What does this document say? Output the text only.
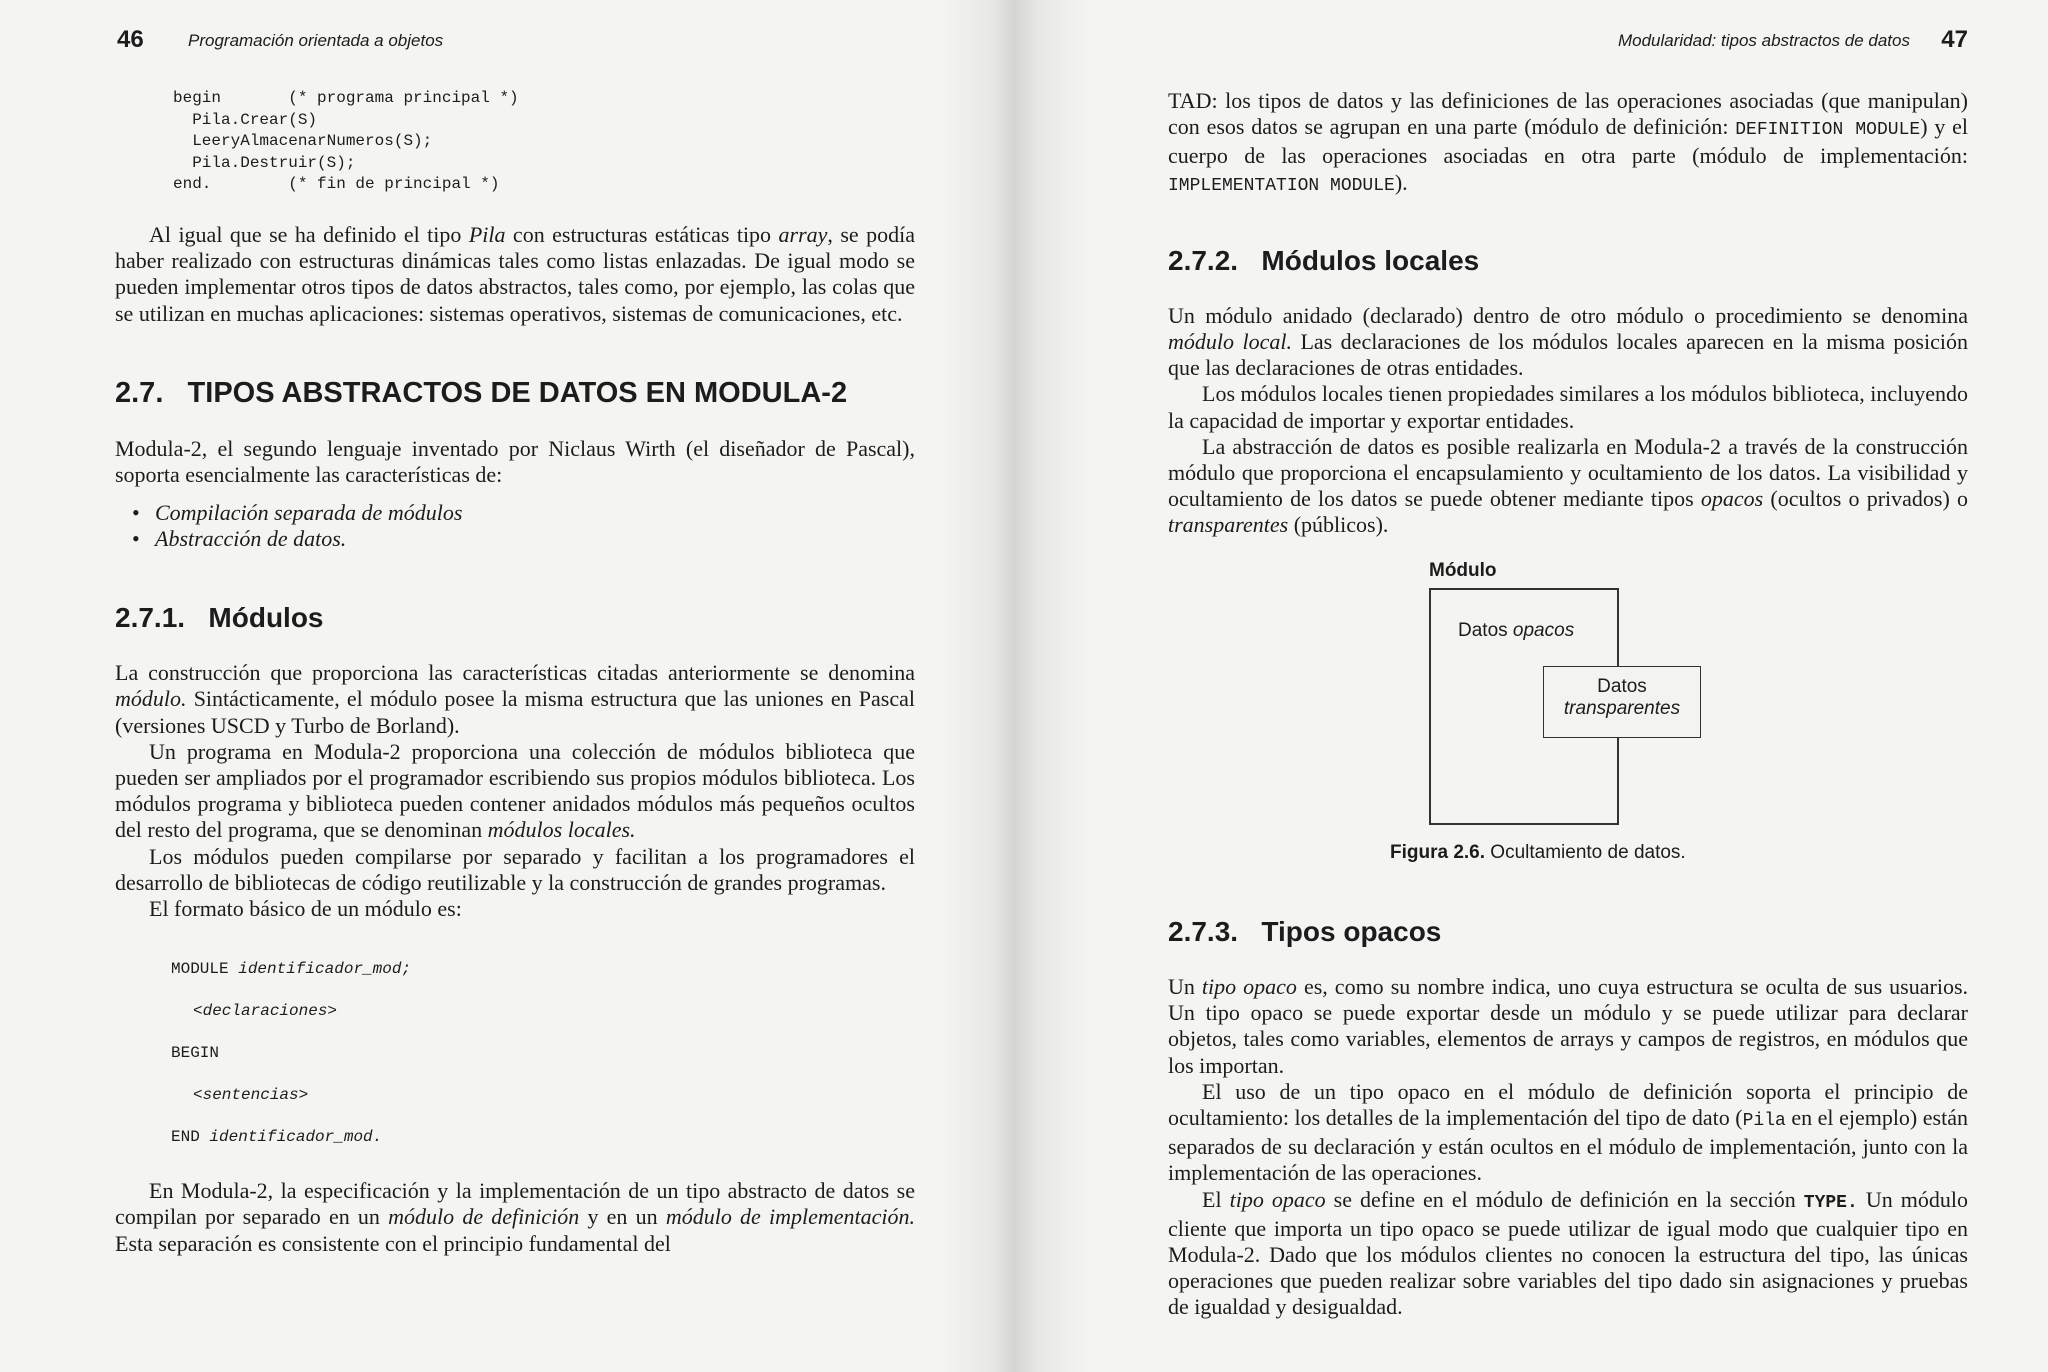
46	Programación orientada a objetos
begin       (* programa principal *)
Pila.Crear(S)
LeeryAlmacenarNumeros(S);
Pila.Destruir(S);
end.        (* fin de principal *)

Al igual que se ha definido el tipo Pila con estructuras estáticas tipo array, se podía haber realizado con estructuras dinámicas tales como listas enlazadas. De igual modo se pueden implementar otros tipos de datos abstractos, tales como, por ejemplo, las colas que se utilizan en muchas aplicaciones: sistemas operativos, sistemas de comunicaciones, etc.

2.7. TIPOS ABSTRACTOS DE DATOS EN MODULA-2

Modula-2, el segundo lenguaje inventado por Niclaus Wirth (el diseñador de Pascal), soporta esencialmente las características de:

• Compilación separada de módulos
• Abstracción de datos.
2.7.1. Módulos

La construcción que proporciona las características citadas anteriormente se denomina módulo. Sintácticamente, el módulo posee la misma estructura que las uniones en Pascal (versiones USCD y Turbo de Borland).

Un programa en Modula-2 proporciona una colección de módulos biblioteca que pueden ser ampliados por el programador escribiendo sus propios módulos biblioteca. Los módulos programa y biblioteca pueden contener anidados módulos más pequeños ocultos del resto del programa, que se denominan módulos locales.

Los módulos pueden compilarse por separado y facilitan a los programadores el desarrollo de bibliotecas de código reutilizable y la construcción de grandes programas.

El formato básico de un módulo es:

MODULE identificador_mod;
<declaraciones>
BEGIN
<sentencias>
END identificador_mod.

En Modula-2, la especificación y la implementación de un tipo abstracto de datos se compilan por separado en un módulo de definición y en un módulo de implementación. Esta separación es consistente con el principio fundamental del

Modularidad: tipos abstractos de datos 47

TAD: los tipos de datos y las definiciones de las operaciones asociadas (que manipulan) con esos datos se agrupan en una parte (módulo de definición: DEFINITION MODULE) y el cuerpo de las operaciones asociadas en otra parte (módulo de implementación: IMPLEMENTATION MODULE).

2.7.2. Módulos locales

Un módulo anidado (declarado) dentro de otro módulo o procedimiento se denomina módulo local. Las declaraciones de los módulos locales aparecen en la misma posición que las declaraciones de otras entidades.

Los módulos locales tienen propiedades similares a los módulos biblioteca, incluyendo la capacidad de importar y exportar entidades.

La abstracción de datos es posible realizarla en Modula-2 a través de la construcción módulo que proporciona el encapsulamiento y ocultamiento de los datos. La visibilidad y ocultamiento de los datos se puede obtener mediante tipos opacos (ocultos o privados) o transparentes (públicos).

Módulo
Datos opacos
Datos
transparentes
Figura 2.6. Ocultamiento de datos.
2.7.3. Tipos opacos

Un tipo opaco es, como su nombre indica, uno cuya estructura se oculta de sus usuarios. Un tipo opaco se puede exportar desde un módulo y se puede utilizar para declarar objetos, tales como variables, elementos de arrays y campos de registros, en módulos que los importan.

El uso de un tipo opaco en el módulo de definición soporta el principio de ocultamiento: los detalles de la implementación del tipo de dato (Pila en el ejemplo) están separados de su declaración y están ocultos en el módulo de implementación, junto con la implementación de las operaciones.

El tipo opaco se define en el módulo de definición en la sección TYPE. Un módulo cliente que importa un tipo opaco se puede utilizar de igual modo que cualquier tipo en Modula-2. Dado que los módulos clientes no conocen la estructura del tipo, las únicas operaciones que pueden realizar sobre variables del tipo dado sin asignaciones y pruebas de igualdad y desigualdad.
